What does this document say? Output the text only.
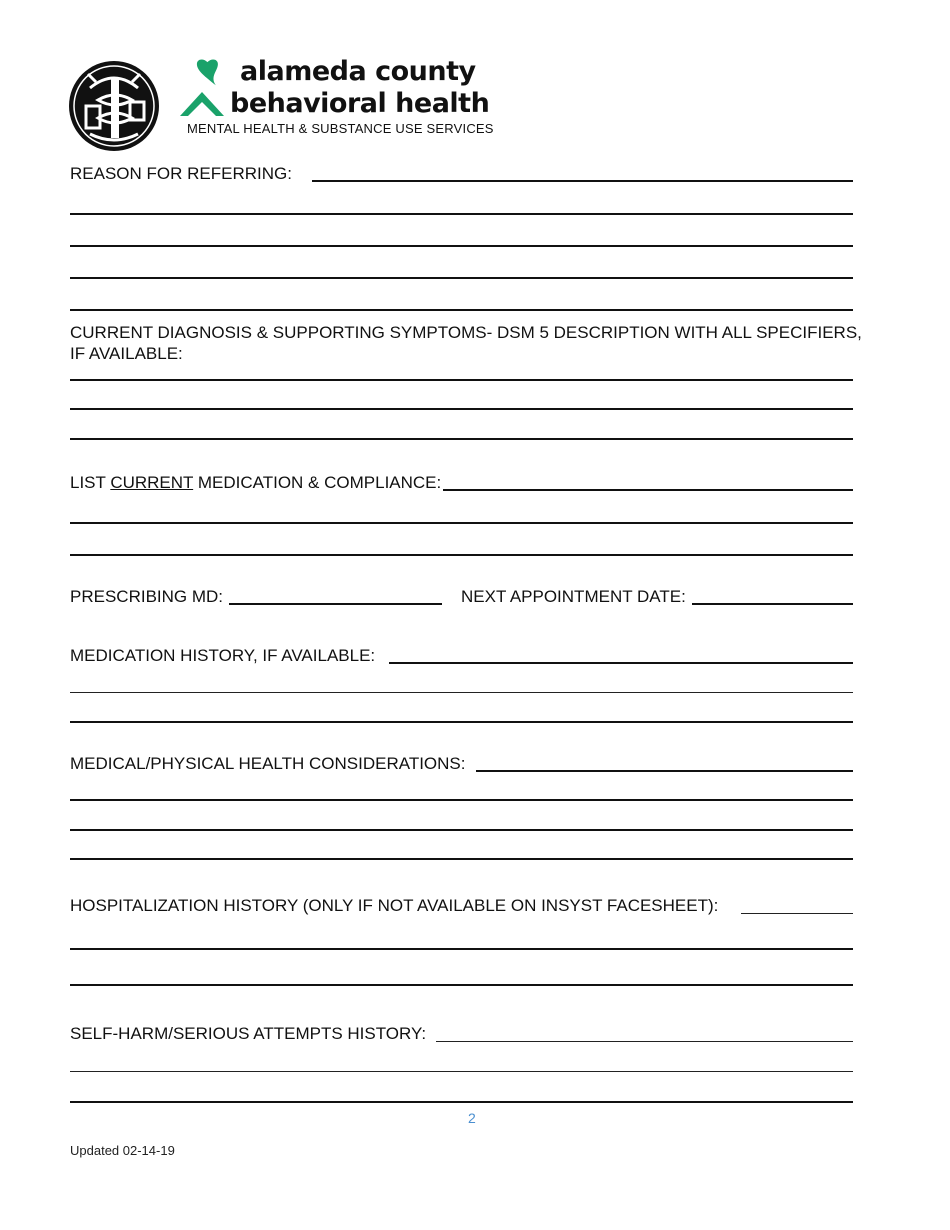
alameda county
behavioral health
MENTAL HEALTH & SUBSTANCE USE SERVICES
REASON FOR REFERRING:
CURRENT DIAGNOSIS & SUPPORTING SYMPTOMS- DSM 5 DESCRIPTION WITH ALL SPECIFIERS,
IF AVAILABLE:
LIST CURRENT MEDICATION & COMPLIANCE:
PRESCRIBING MD:	NEXT APPOINTMENT DATE:
MEDICATION HISTORY, IF AVAILABLE:
MEDICAL/PHYSICAL HEALTH CONSIDERATIONS:
HOSPITALIZATION HISTORY (ONLY IF NOT AVAILABLE ON INSYST FACESHEET):
SELF-HARM/SERIOUS ATTEMPTS HISTORY:
2
Updated 02-14-19
